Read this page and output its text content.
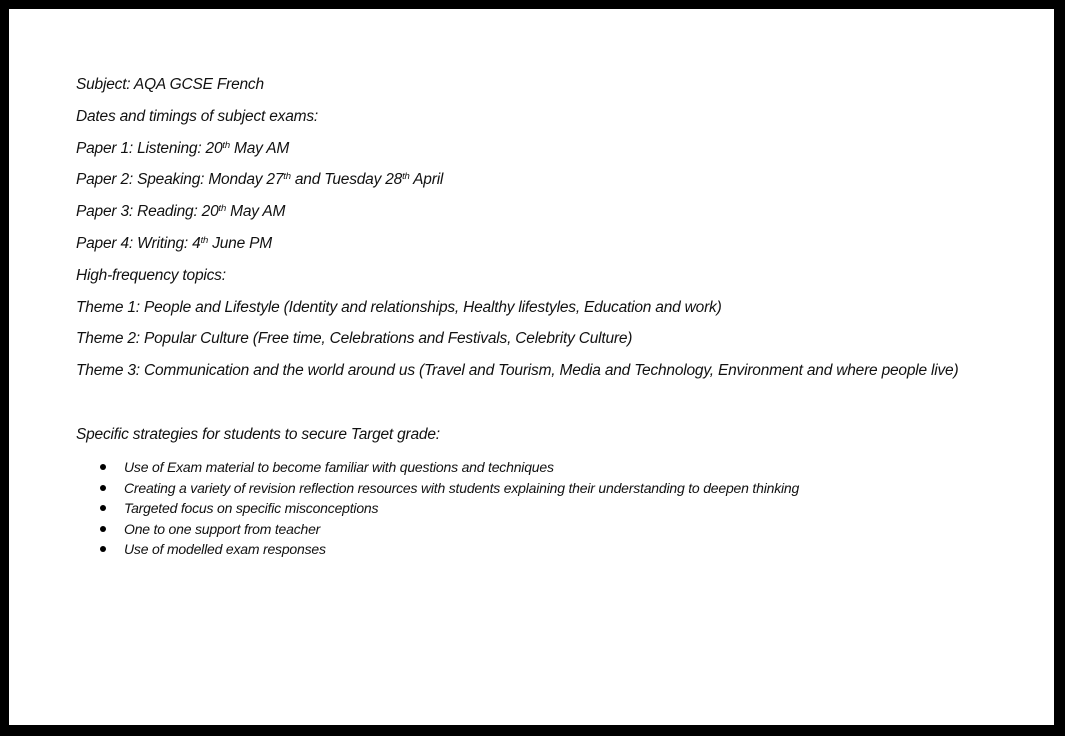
Subject: AQA GCSE French
Dates and timings of subject exams:
Paper 1: Listening: 20th May AM
Paper 2: Speaking: Monday 27th and Tuesday 28th April
Paper 3: Reading: 20th May AM
Paper 4: Writing: 4th June PM
High-frequency topics:
Theme 1: People and Lifestyle (Identity and relationships, Healthy lifestyles, Education and work)
Theme 2: Popular Culture (Free time, Celebrations and Festivals, Celebrity Culture)
Theme 3: Communication and the world around us (Travel and Tourism, Media and Technology, Environment and where people live)
Specific strategies for students to secure Target grade:
Use of Exam material to become familiar with questions and techniques
Creating a variety of revision reflection resources with students explaining their understanding to deepen thinking
Targeted focus on specific misconceptions
One to one support from teacher
Use of modelled exam responses
